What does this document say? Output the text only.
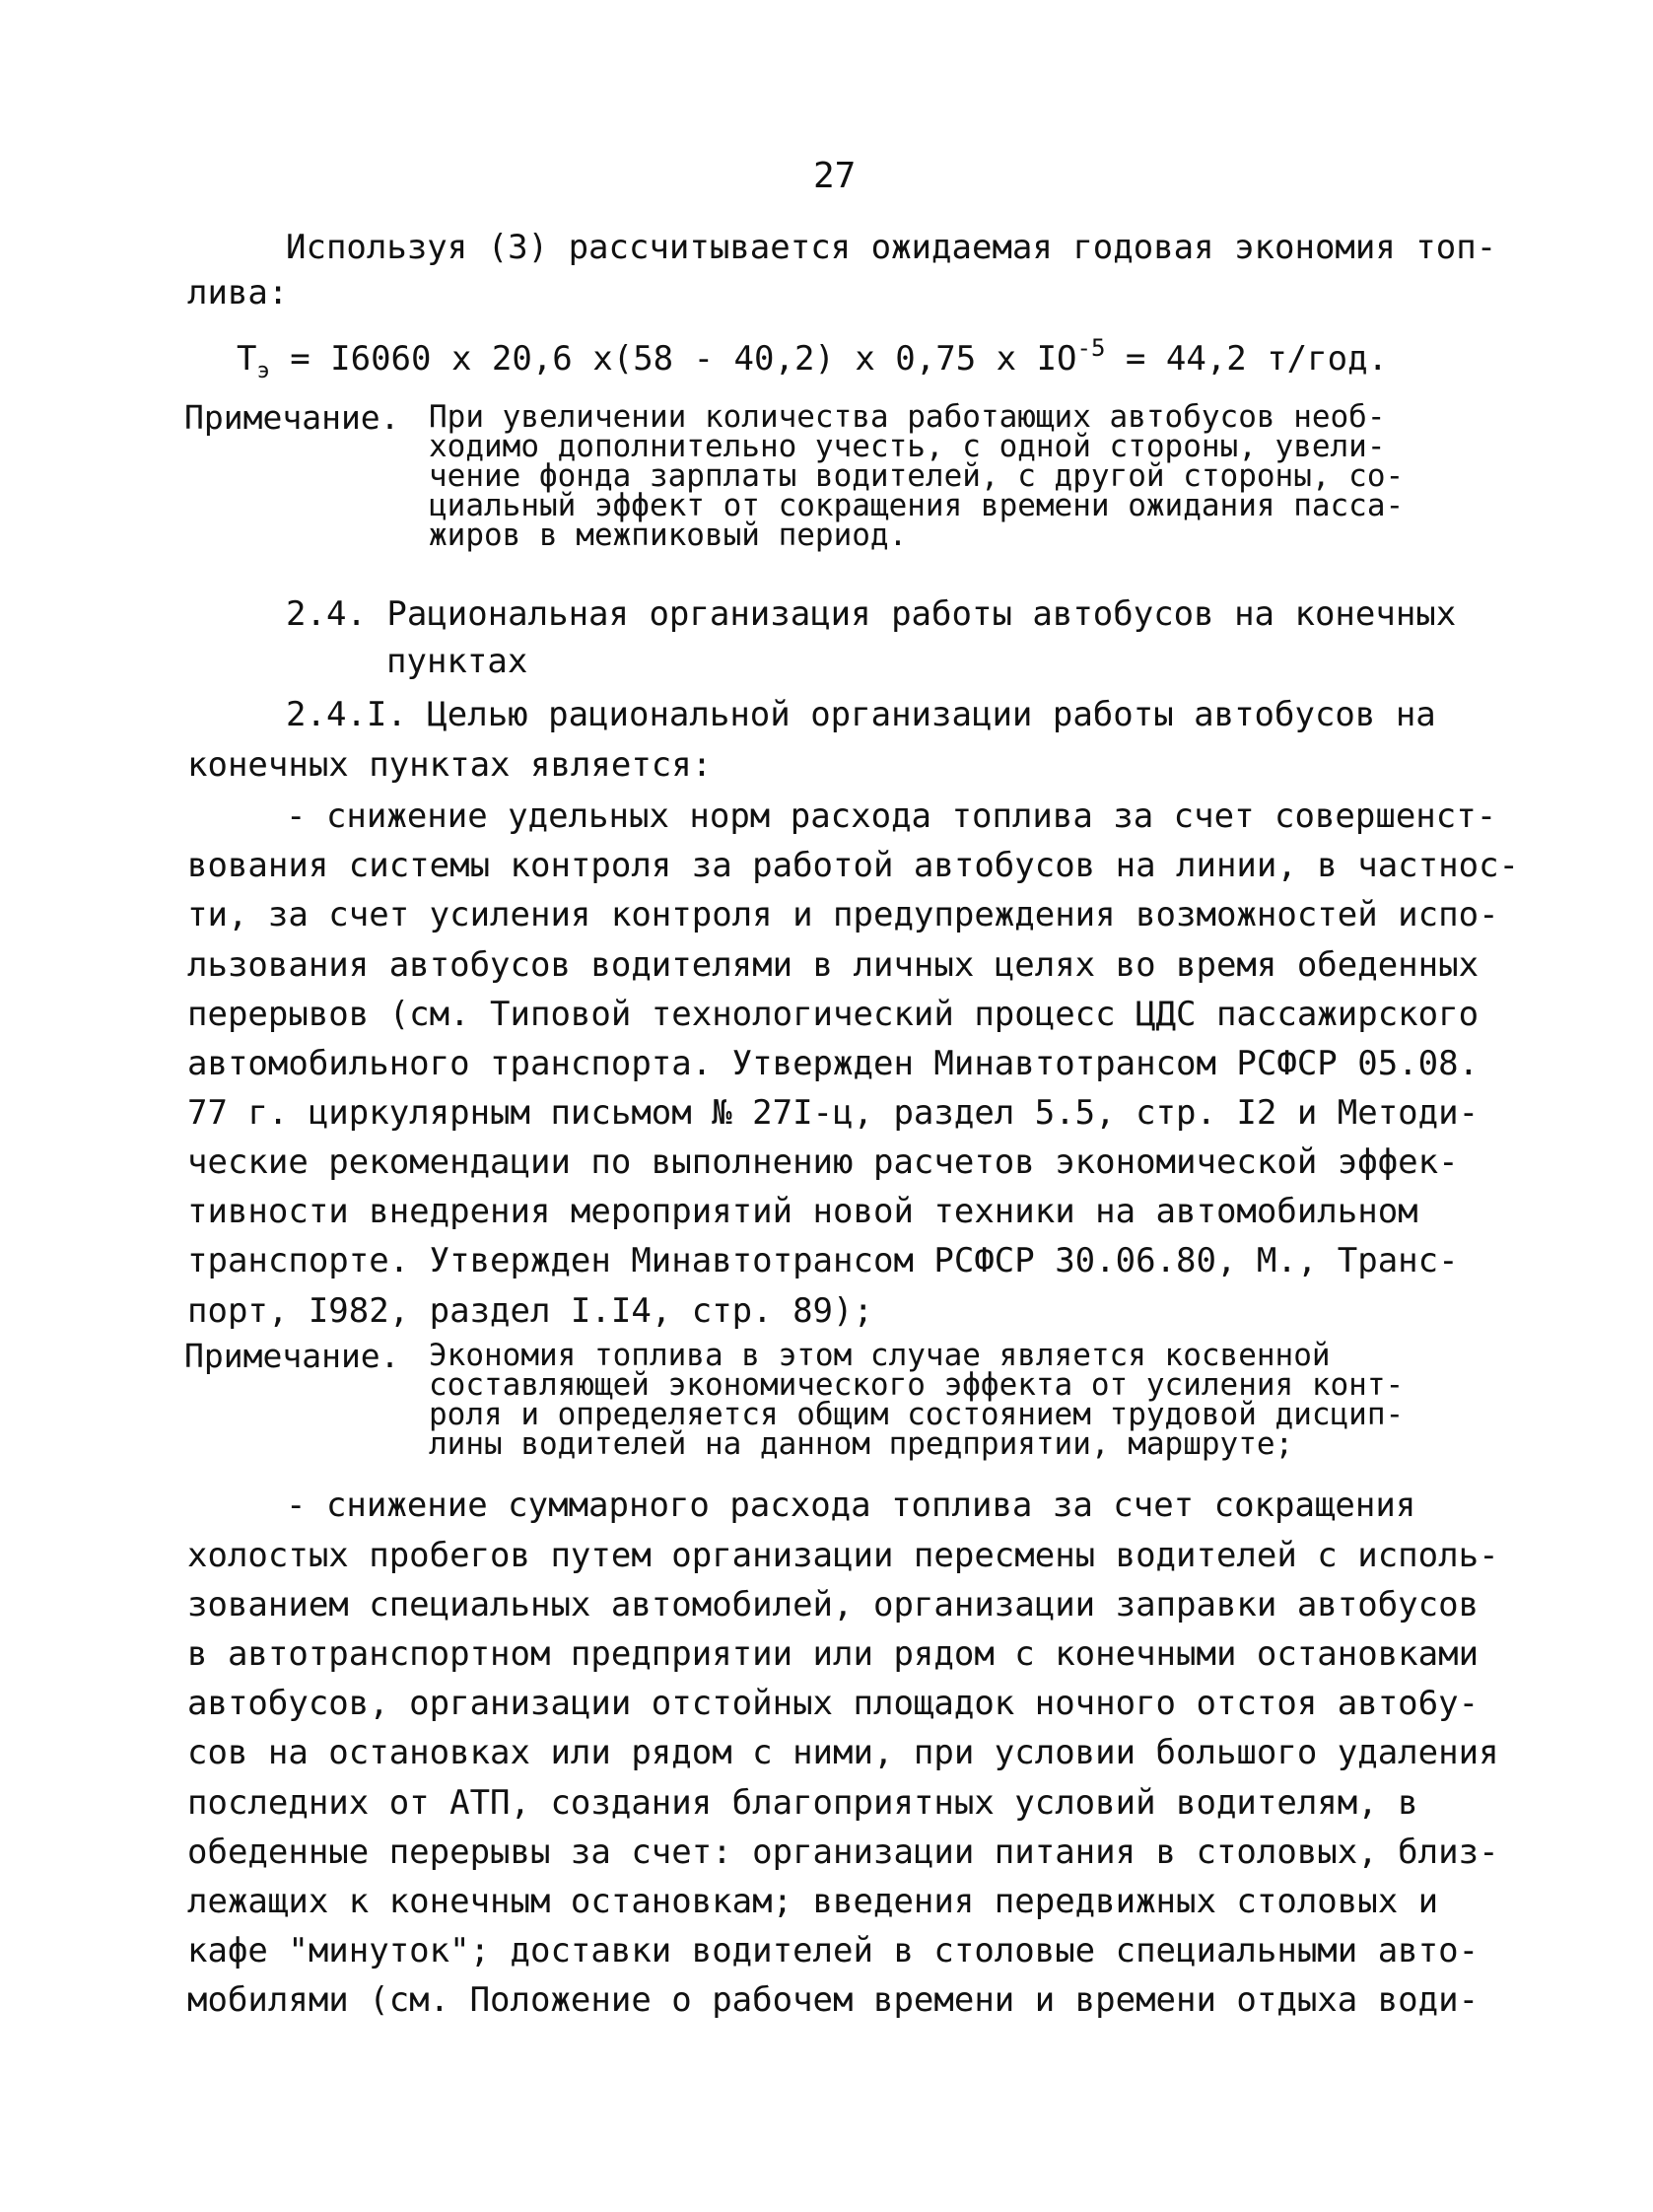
27
Используя (3) рассчитывается ожидаемая годовая экономия топ-
лива:
$Т_э = I6060$ x 20,6 x(58 - 40,2) x 0,75 x $IO^{-5} = 44,2$ т/год.
Примечание. При увеличении количества работающих автобусов необ-
ходимо дополнительно учесть, с одной стороны, увели-
чение фонда зарплаты водителей, с другой стороны, со-
циальный эффект от сокращения времени ожидания пасса-
жиров в межпиковый период.
2.4. Рациональная организация работы автобусов на конечных
пунктах
2.4.I. Целью рациональной организации работы автобусов на
конечных пунктах является:
- снижение удельных норм расхода топлива за счет совершенст-
вования системы контроля за работой автобусов на линии, в частнос-
ти, за счет усиления контроля и предупреждения возможностей испо-
льзования автобусов водителями в личных целях во время обеденных
перерывов (см. Типовой технологический процесс ЦДС пассажирского
автомобильного транспорта. Утвержден Минавтотрансом РСФСР 05.08.
77 г. циркулярным письмом № 27I-ц, раздел 5.5, стр. I2 и Методи-
ческие рекомендации по выполнению расчетов экономической эффек-
тивности внедрения мероприятий новой техники на автомобильном
транспорте. Утвержден Минавтотрансом РСФСР 30.06.80, М., Транс-
порт, I982, раздел I.I4, стр. 89);
Примечание. Экономия топлива в этом случае является косвенной
составляющей экономического эффекта от усиления конт-
роля и определяется общим состоянием трудовой дисцип-
лины водителей на данном предприятии, маршруте;
- снижение суммарного расхода топлива за счет сокращения
холостых пробегов путем организации пересмены водителей с исполь-
зованием специальных автомобилей, организации заправки автобусов
в автотранспортном предприятии или рядом с конечными остановками
автобусов, организации отстойных площадок ночного отстоя авто6у-
сов на остановках или рядом с ними, при условии большого удаления
последних от АТП, создания благоприятных условий водителям, в
обеденные перерывы за счет: организации питания в столовых, близ-
лежащих к конечным остановкам; введения передвижных столовых и
кафе "минуток"; доставки водителей в столовые специальными авто-
мобилями (см. Положение о рабочем времени и времени отдыха води-
